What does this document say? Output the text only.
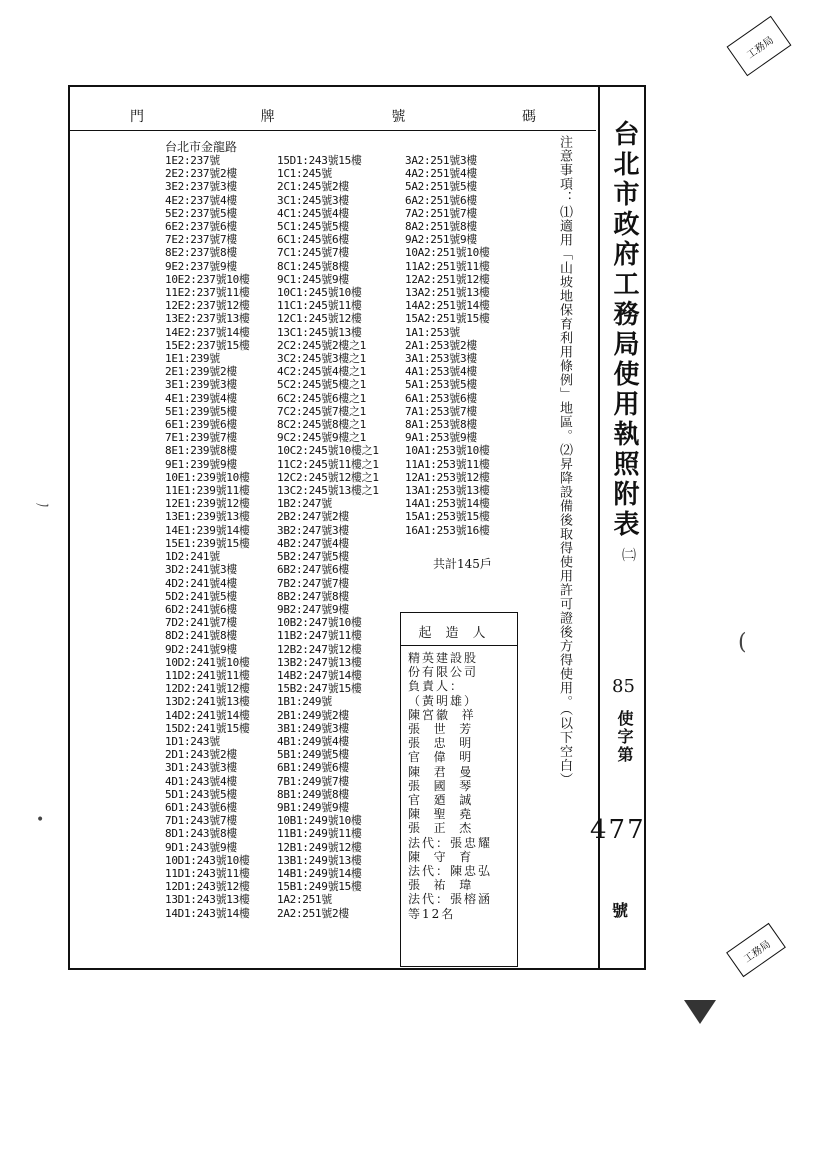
門	牌	號	碼
台北市金龍路
1E2:237號
2E2:237號2樓
3E2:237號3樓
4E2:237號4樓
5E2:237號5樓
6E2:237號6樓
7E2:237號7樓
8E2:237號8樓
9E2:237號9樓
10E2:237號10樓
11E2:237號11樓
12E2:237號12樓
13E2:237號13樓
14E2:237號14樓
15E2:237號15樓
1E1:239號
2E1:239號2樓
3E1:239號3樓
4E1:239號4樓
5E1:239號5樓
6E1:239號6樓
7E1:239號7樓
8E1:239號8樓
9E1:239號9樓
10E1:239號10樓
11E1:239號11樓
12E1:239號12樓
13E1:239號13樓
14E1:239號14樓
15E1:239號15樓
1D2:241號
3D2:241號3樓
4D2:241號4樓
5D2:241號5樓
6D2:241號6樓
7D2:241號7樓
8D2:241號8樓
9D2:241號9樓
10D2:241號10樓
11D2:241號11樓
12D2:241號12樓
13D2:241號13樓
14D2:241號14樓
15D2:241號15樓
1D1:243號
2D1:243號2樓
3D1:243號3樓
4D1:243號4樓
5D1:243號5樓
6D1:243號6樓
7D1:243號7樓
8D1:243號8樓
9D1:243號9樓
10D1:243號10樓
11D1:243號11樓
12D1:243號12樓
13D1:243號13樓
14D1:243號14樓
15D1:243號15樓
1C1:245號
2C1:245號2樓
3C1:245號3樓
4C1:245號4樓
5C1:245號5樓
6C1:245號6樓
7C1:245號7樓
8C1:245號8樓
9C1:245號9樓
10C1:245號10樓
11C1:245號11樓
12C1:245號12樓
13C1:245號13樓
2C2:245號2樓之1
3C2:245號3樓之1
4C2:245號4樓之1
5C2:245號5樓之1
6C2:245號6樓之1
7C2:245號7樓之1
8C2:245號8樓之1
9C2:245號9樓之1
10C2:245號10樓之1
11C2:245號11樓之1
12C2:245號12樓之1
13C2:245號13樓之1
1B2:247號
2B2:247號2樓
3B2:247號3樓
4B2:247號4樓
5B2:247號5樓
6B2:247號6樓
7B2:247號7樓
8B2:247號8樓
9B2:247號9樓
10B2:247號10樓
11B2:247號11樓
12B2:247號12樓
13B2:247號13樓
14B2:247號14樓
15B2:247號15樓
1B1:249號
2B1:249號2樓
3B1:249號3樓
4B1:249號4樓
5B1:249號5樓
6B1:249號6樓
7B1:249號7樓
8B1:249號8樓
9B1:249號9樓
10B1:249號10樓
11B1:249號11樓
12B1:249號12樓
13B1:249號13樓
14B1:249號14樓
15B1:249號15樓
1A2:251號
2A2:251號2樓
3A2:251號3樓
4A2:251號4樓
5A2:251號5樓
6A2:251號6樓
7A2:251號7樓
8A2:251號8樓
9A2:251號9樓
10A2:251號10樓
11A2:251號11樓
12A2:251號12樓
13A2:251號13樓
14A2:251號14樓
15A2:251號15樓
1A1:253號
2A1:253號2樓
3A1:253號3樓
4A1:253號4樓
5A1:253號5樓
6A1:253號6樓
7A1:253號7樓
8A1:253號8樓
9A1:253號9樓
10A1:253號10樓
11A1:253號11樓
12A1:253號12樓
13A1:253號13樓
14A1:253號14樓
15A1:253號15樓
16A1:253號16樓
共計145戶
起造人
精英建設股
份有限公司
負責人：
（黃明雄）
陳宮徽  祥
張  世  芳
張  忠  明
官  偉  明
陳  君  曼
張  國  琴
官  廼  誠
陳  聖  堯
張  正  杰
法代：張忠耀
陳  守  育
法代：陳忠弘
張  祐  瑋
法代：張榕涵
等12名
台北市政府工務局使用執照附表
㈡
注意事項：⑴適用「山坡地保育利用條例」地區。⑵昇降設備後取得使用許可證後方得使用。（以下空白） 85
使字第
477
號
工務局
工務局
ノ
•
(
